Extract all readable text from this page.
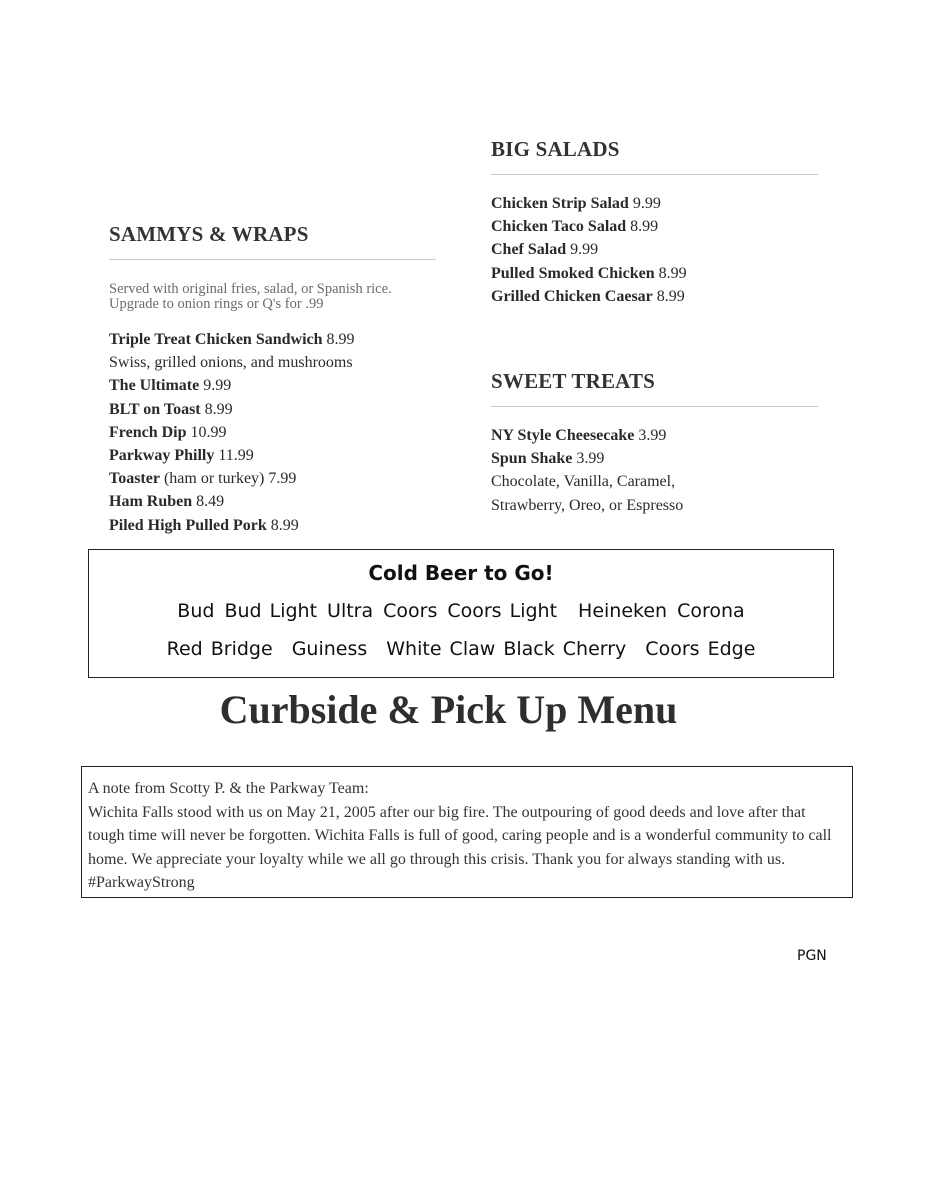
BIG SALADS
Chicken Strip Salad 9.99
Chicken Taco Salad 8.99
Chef Salad 9.99
Pulled Smoked Chicken 8.99
Grilled Chicken Caesar 8.99
SAMMYS & WRAPS
Served with original fries, salad, or Spanish rice.
Upgrade to onion rings or Q's for .99
Triple Treat Chicken Sandwich 8.99
Swiss, grilled onions, and mushrooms
The Ultimate 9.99
BLT on Toast 8.99
French Dip 10.99
Parkway Philly 11.99
Toaster (ham or turkey) 7.99
Ham Ruben 8.49
Piled High Pulled Pork 8.99
SWEET TREATS
NY Style Cheesecake 3.99
Spun Shake 3.99
Chocolate, Vanilla, Caramel,
Strawberry, Oreo, or Espresso
Cold Beer to Go!
Bud Bud Light Ultra Coors Coors Light Heineken Corona
Red Bridge Guiness White Claw Black Cherry Coors Edge
Curbside & Pick Up Menu
A note from Scotty P. & the Parkway Team:
Wichita Falls stood with us on May 21, 2005 after our big fire. The outpouring of good deeds and love after that tough time will never be forgotten. Wichita Falls is full of good, caring people and is a wonderful community to call home. We appreciate your loyalty while we all go through this crisis. Thank you for always standing with us. #ParkwayStrong
PGN
